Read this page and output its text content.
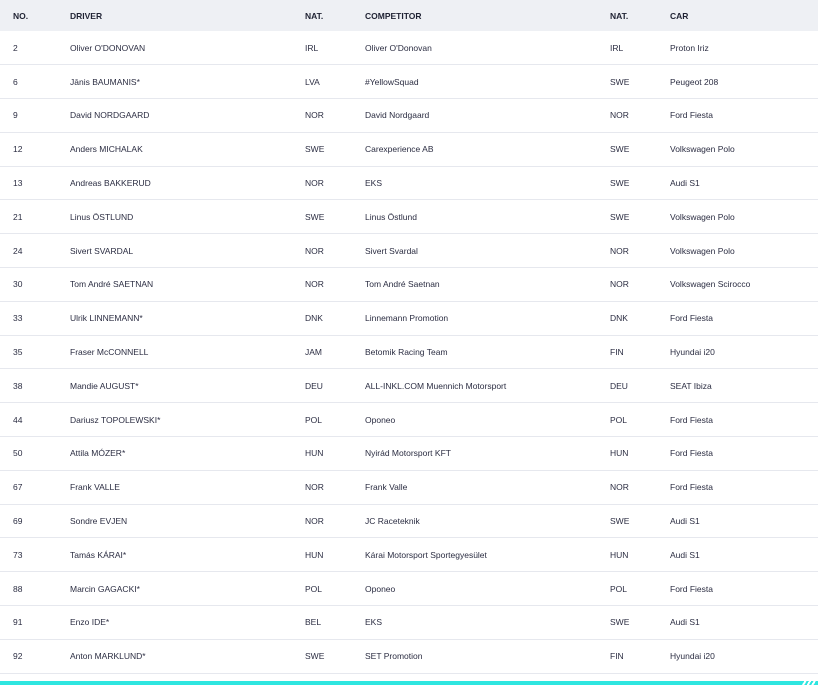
NO.	DRIVER	NAT.	COMPETITOR	NAT.	CAR
2	Oliver O'DONOVAN	IRL	Oliver O'Donovan	IRL	Proton Iriz
6	Jānis BAUMANIS*	LVA	#YellowSquad	SWE	Peugeot 208
9	David NORDGAARD	NOR	David Nordgaard	NOR	Ford Fiesta
12	Anders MICHALAK	SWE	Carexperience AB	SWE	Volkswagen Polo
13	Andreas BAKKERUD	NOR	EKS	SWE	Audi S1
21	Linus ÖSTLUND	SWE	Linus Östlund	SWE	Volkswagen Polo
24	Sivert SVARDAL	NOR	Sivert Svardal	NOR	Volkswagen Polo
30	Tom André SAETNAN	NOR	Tom André Saetnan	NOR	Volkswagen Scirocco
33	Ulrik LINNEMANN*	DNK	Linnemann Promotion	DNK	Ford Fiesta
35	Fraser McCONNELL	JAM	Betomik Racing Team	FIN	Hyundai i20
38	Mandie AUGUST*	DEU	ALL-INKL.COM Muennich Motorsport	DEU	SEAT Ibiza
44	Dariusz TOPOLEWSKI*	POL	Oponeo	POL	Ford Fiesta
50	Attila MÓZER*	HUN	Nyirád Motorsport KFT	HUN	Ford Fiesta
67	Frank VALLE	NOR	Frank Valle	NOR	Ford Fiesta
69	Sondre EVJEN	NOR	JC Raceteknik	SWE	Audi S1
73	Tamás KÁRAI*	HUN	Kárai Motorsport Sportegyesület	HUN	Audi S1
88	Marcin GAGACKI*	POL	Oponeo	POL	Ford Fiesta
91	Enzo IDE*	BEL	EKS	SWE	Audi S1
92	Anton MARKLUND*	SWE	SET Promotion	FIN	Hyundai i20
